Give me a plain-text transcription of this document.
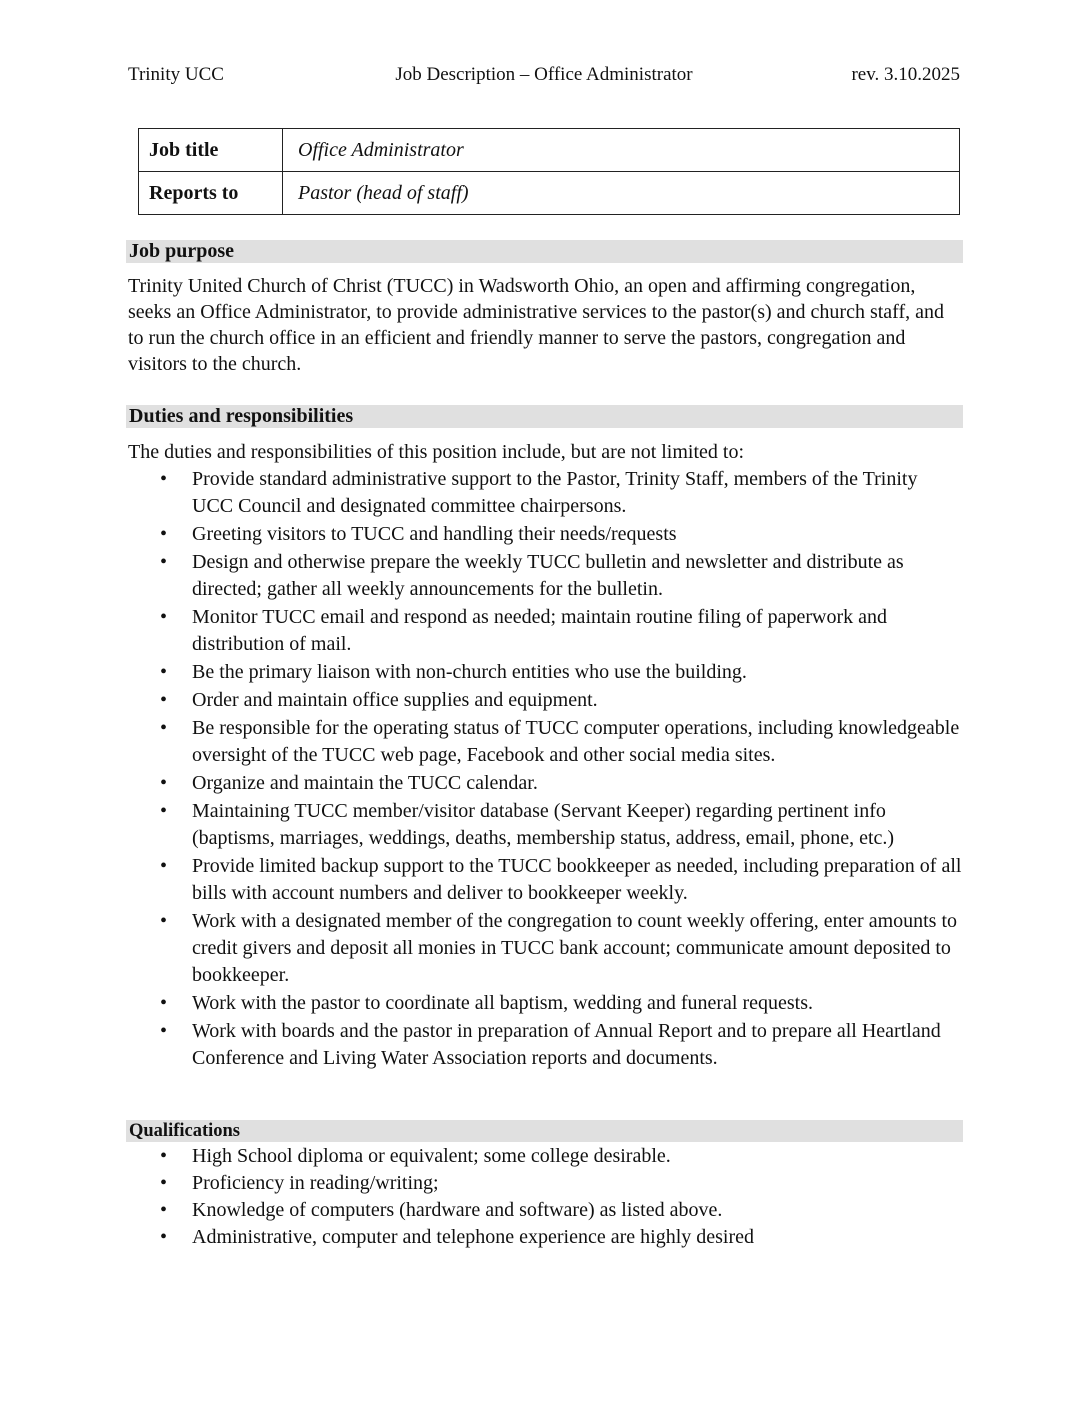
Trinity UCC	Job Description – Office Administrator	rev. 3.10.2025
Job title	Office Administrator
Reports to	Pastor (head of staff)
Job purpose

Trinity United Church of Christ (TUCC) in Wadsworth Ohio, an open and affirming congregation, seeks an Office Administrator, to provide administrative services to the pastor(s) and church staff, and to run the church office in an efficient and friendly manner to serve the pastors, congregation and visitors to the church.

Duties and responsibilities

The duties and responsibilities of this position include, but are not limited to:

• Provide standard administrative support to the Pastor, Trinity Staff, members of the Trinity UCC Council and designated committee chairpersons.
• Greeting visitors to TUCC and handling their needs/requests
• Design and otherwise prepare the weekly TUCC bulletin and newsletter and distribute as directed; gather all weekly announcements for the bulletin.
• Monitor TUCC email and respond as needed; maintain routine filing of paperwork and distribution of mail.
• Be the primary liaison with non-church entities who use the building.
• Order and maintain office supplies and equipment.
• Be responsible for the operating status of TUCC computer operations, including knowledgeable oversight of the TUCC web page, Facebook and other social media sites.
• Organize and maintain the TUCC calendar.
• Maintaining TUCC member/visitor database (Servant Keeper) regarding pertinent info (baptisms, marriages, weddings, deaths, membership status, address, email, phone, etc.)
• Provide limited backup support to the TUCC bookkeeper as needed, including preparation of all bills with account numbers and deliver to bookkeeper weekly.
• Work with a designated member of the congregation to count weekly offering, enter amounts to credit givers and deposit all monies in TUCC bank account; communicate amount deposited to bookkeeper.
• Work with the pastor to coordinate all baptism, wedding and funeral requests.
• Work with boards and the pastor in preparation of Annual Report and to prepare all Heartland Conference and Living Water Association reports and documents.
Qualifications
• High School diploma or equivalent; some college desirable.
• Proficiency in reading/writing;
• Knowledge of computers (hardware and software) as listed above.
• Administrative, computer and telephone experience are highly desired
